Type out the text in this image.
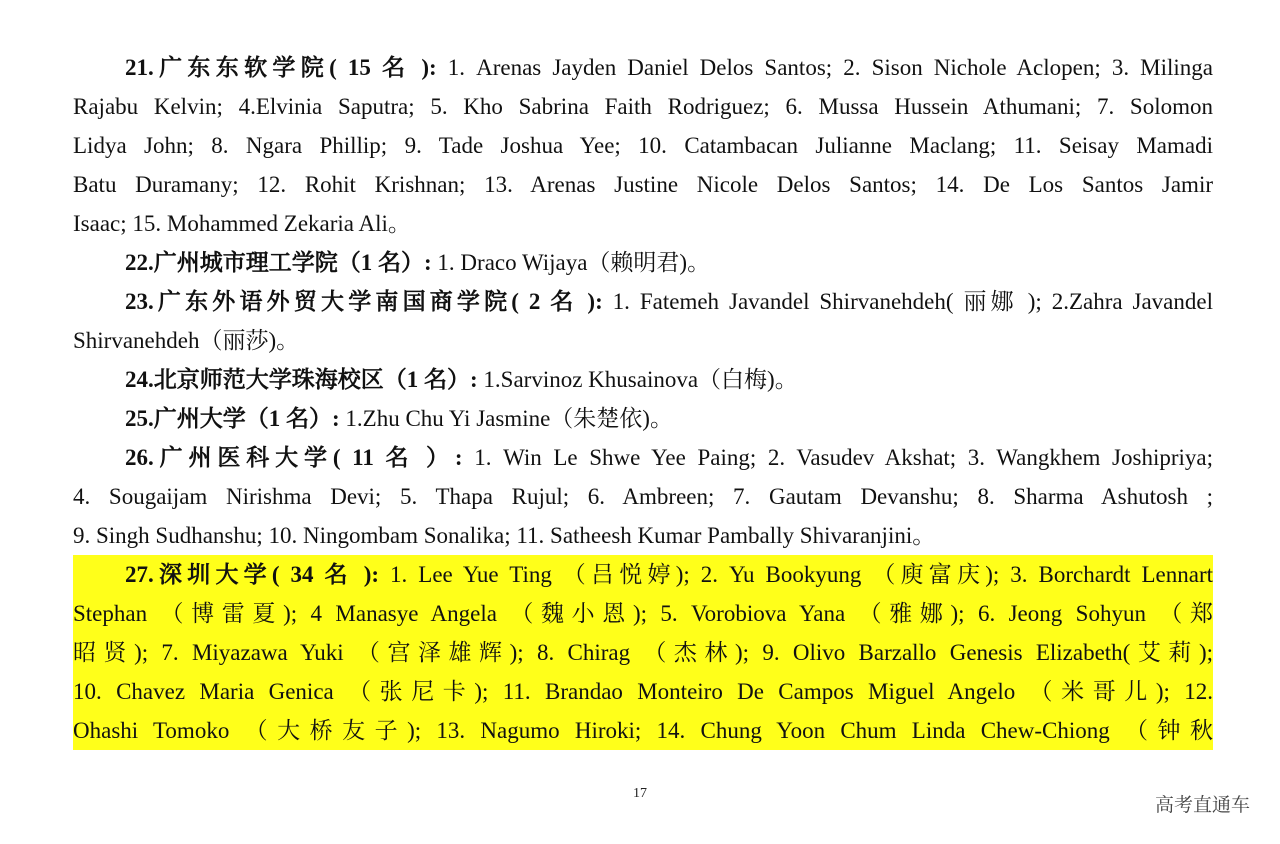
21.广东东软学院( 15 名 ): 1. Arenas Jayden Daniel Delos Santos; 2. Sison Nichole Aclopen; 3. Milinga
Rajabu Kelvin; 4.Elvinia Saputra; 5. Kho Sabrina Faith Rodriguez; 6. Mussa Hussein Athumani; 7. Solomon
Lidya John; 8. Ngara Phillip; 9. Tade Joshua Yee; 10. Catambacan Julianne Maclang; 11. Seisay Mamadi
Batu Duramany; 12. Rohit Krishnan; 13. Arenas Justine Nicole Delos Santos; 14. De Los Santos Jamir
Isaac; 15. Mohammed Zekaria Ali。
22.广州城市理工学院（1 名）: 1. Draco Wijaya（赖明君)。
23.广东外语外贸大学南国商学院( 2 名 ): 1. Fatemeh Javandel Shirvanehdeh( 丽娜 ); 2.Zahra Javandel
Shirvanehdeh（丽莎)。
24.北京师范大学珠海校区（1 名）: 1.Sarvinoz Khusainova（白梅)。
25.广州大学（1 名）: 1.Zhu Chu Yi Jasmine（朱楚依)。
26.广州医科大学( 11 名 ）: 1. Win Le Shwe Yee Paing; 2. Vasudev Akshat; 3. Wangkhem Joshipriya;
4. Sougaijam Nirishma Devi; 5. Thapa Rujul; 6. Ambreen; 7. Gautam Devanshu; 8. Sharma Ashutosh ;
9. Singh Sudhanshu; 10. Ningombam Sonalika; 11. Satheesh Kumar Pambally Shivaranjini。
27.深圳大学( 34 名 ): 1. Lee Yue Ting （吕悦婷); 2. Yu Bookyung （庾富庆); 3. Borchardt Lennart
Stephan （博雷夏); 4 Manasye Angela （魏小恩); 5. Vorobiova Yana （雅娜); 6. Jeong Sohyun （郑
昭贤); 7. Miyazawa Yuki （宫泽雄辉); 8. Chirag （杰林); 9. Olivo Barzallo Genesis Elizabeth(艾莉);
10. Chavez Maria Genica （张尼卡); 11. Brandao Monteiro De Campos Miguel Angelo （米哥儿); 12.
Ohashi Tomoko （大桥友子); 13. Nagumo Hiroki; 14. Chung Yoon Chum Linda Chew-Chiong （钟秋
17
高考直通车
